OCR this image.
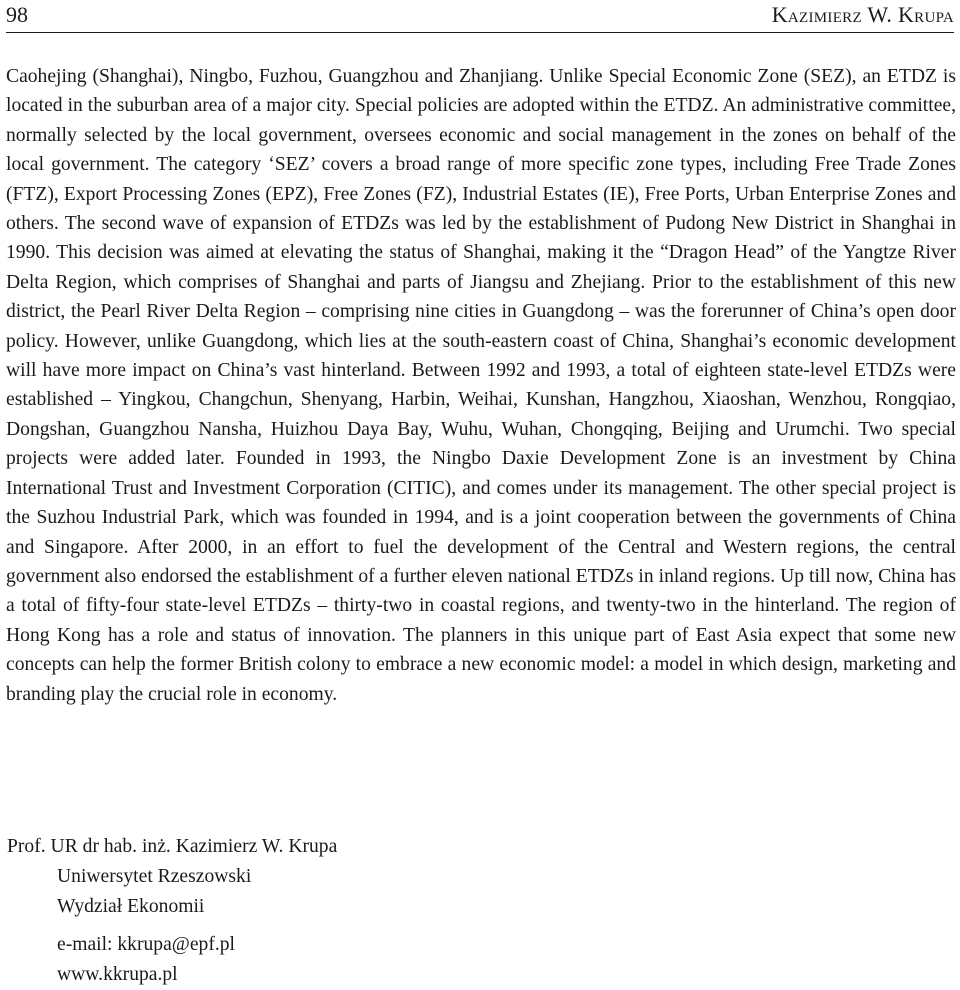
98	Kazimierz W. Krupa

Caohejing (Shanghai), Ningbo, Fuzhou, Guangzhou and Zhanjiang. Unlike Special Economic Zone (SEZ), an ETDZ is located in the suburban area of a major city. Special policies are adopted within the ETDZ. An administrative committee, normally selected by the local government, oversees economic and social management in the zones on behalf of the local government. The category ‘SEZ’ covers a broad range of more specific zone types, including Free Trade Zones (FTZ), Export Processing Zones (EPZ), Free Zones (FZ), Industrial Estates (IE), Free Ports, Urban Enterprise Zones and others. The second wave of expansion of ETDZs was led by the establishment of Pudong New District in Shanghai in 1990. This decision was aimed at elevating the status of Shanghai, making it the “Dragon Head” of the Yangtze River Delta Region, which comprises of Shanghai and parts of Jiangsu and Zhejiang. Prior to the establishment of this new district, the Pearl River Delta Region – comprising nine cities in Guangdong – was the forerunner of China’s open door policy. However, unlike Guangdong, which lies at the south-eastern coast of China, Shanghai’s economic development will have more impact on China’s vast hinterland. Between 1992 and 1993, a total of eighteen state-level ETDZs were established – Yingkou, Changchun, Shenyang, Harbin, Weihai, Kunshan, Hangzhou, Xiaoshan, Wenzhou, Rongqiao, Dongshan, Guangzhou Nansha, Huizhou Daya Bay, Wuhu, Wuhan, Chongqing, Beijing and Urumchi. Two special projects were added later. Founded in 1993, the Ningbo Daxie Development Zone is an investment by China International Trust and Investment Corporation (CITIC), and comes under its management. The other special project is the Suzhou Industrial Park, which was founded in 1994, and is a joint cooperation between the governments of China and Singapore. After 2000, in an effort to fuel the development of the Central and Western regions, the central government also endorsed the establishment of a further eleven national ETDZs in inland regions. Up till now, China has a total of fifty-four state-level ETDZs – thirty-two in coastal regions, and twenty-two in the hinterland. The region of Hong Kong has a role and status of innovation. The planners in this unique part of East Asia expect that some new concepts can help the former British colony to embrace a new economic model: a model in which design, marketing and branding play the crucial role in economy.

Prof. UR dr hab. inż. Kazimierz W. Krupa
Uniwersytet Rzeszowski
Wydział Ekonomii
e-mail: kkrupa@epf.pl
www.kkrupa.pl
